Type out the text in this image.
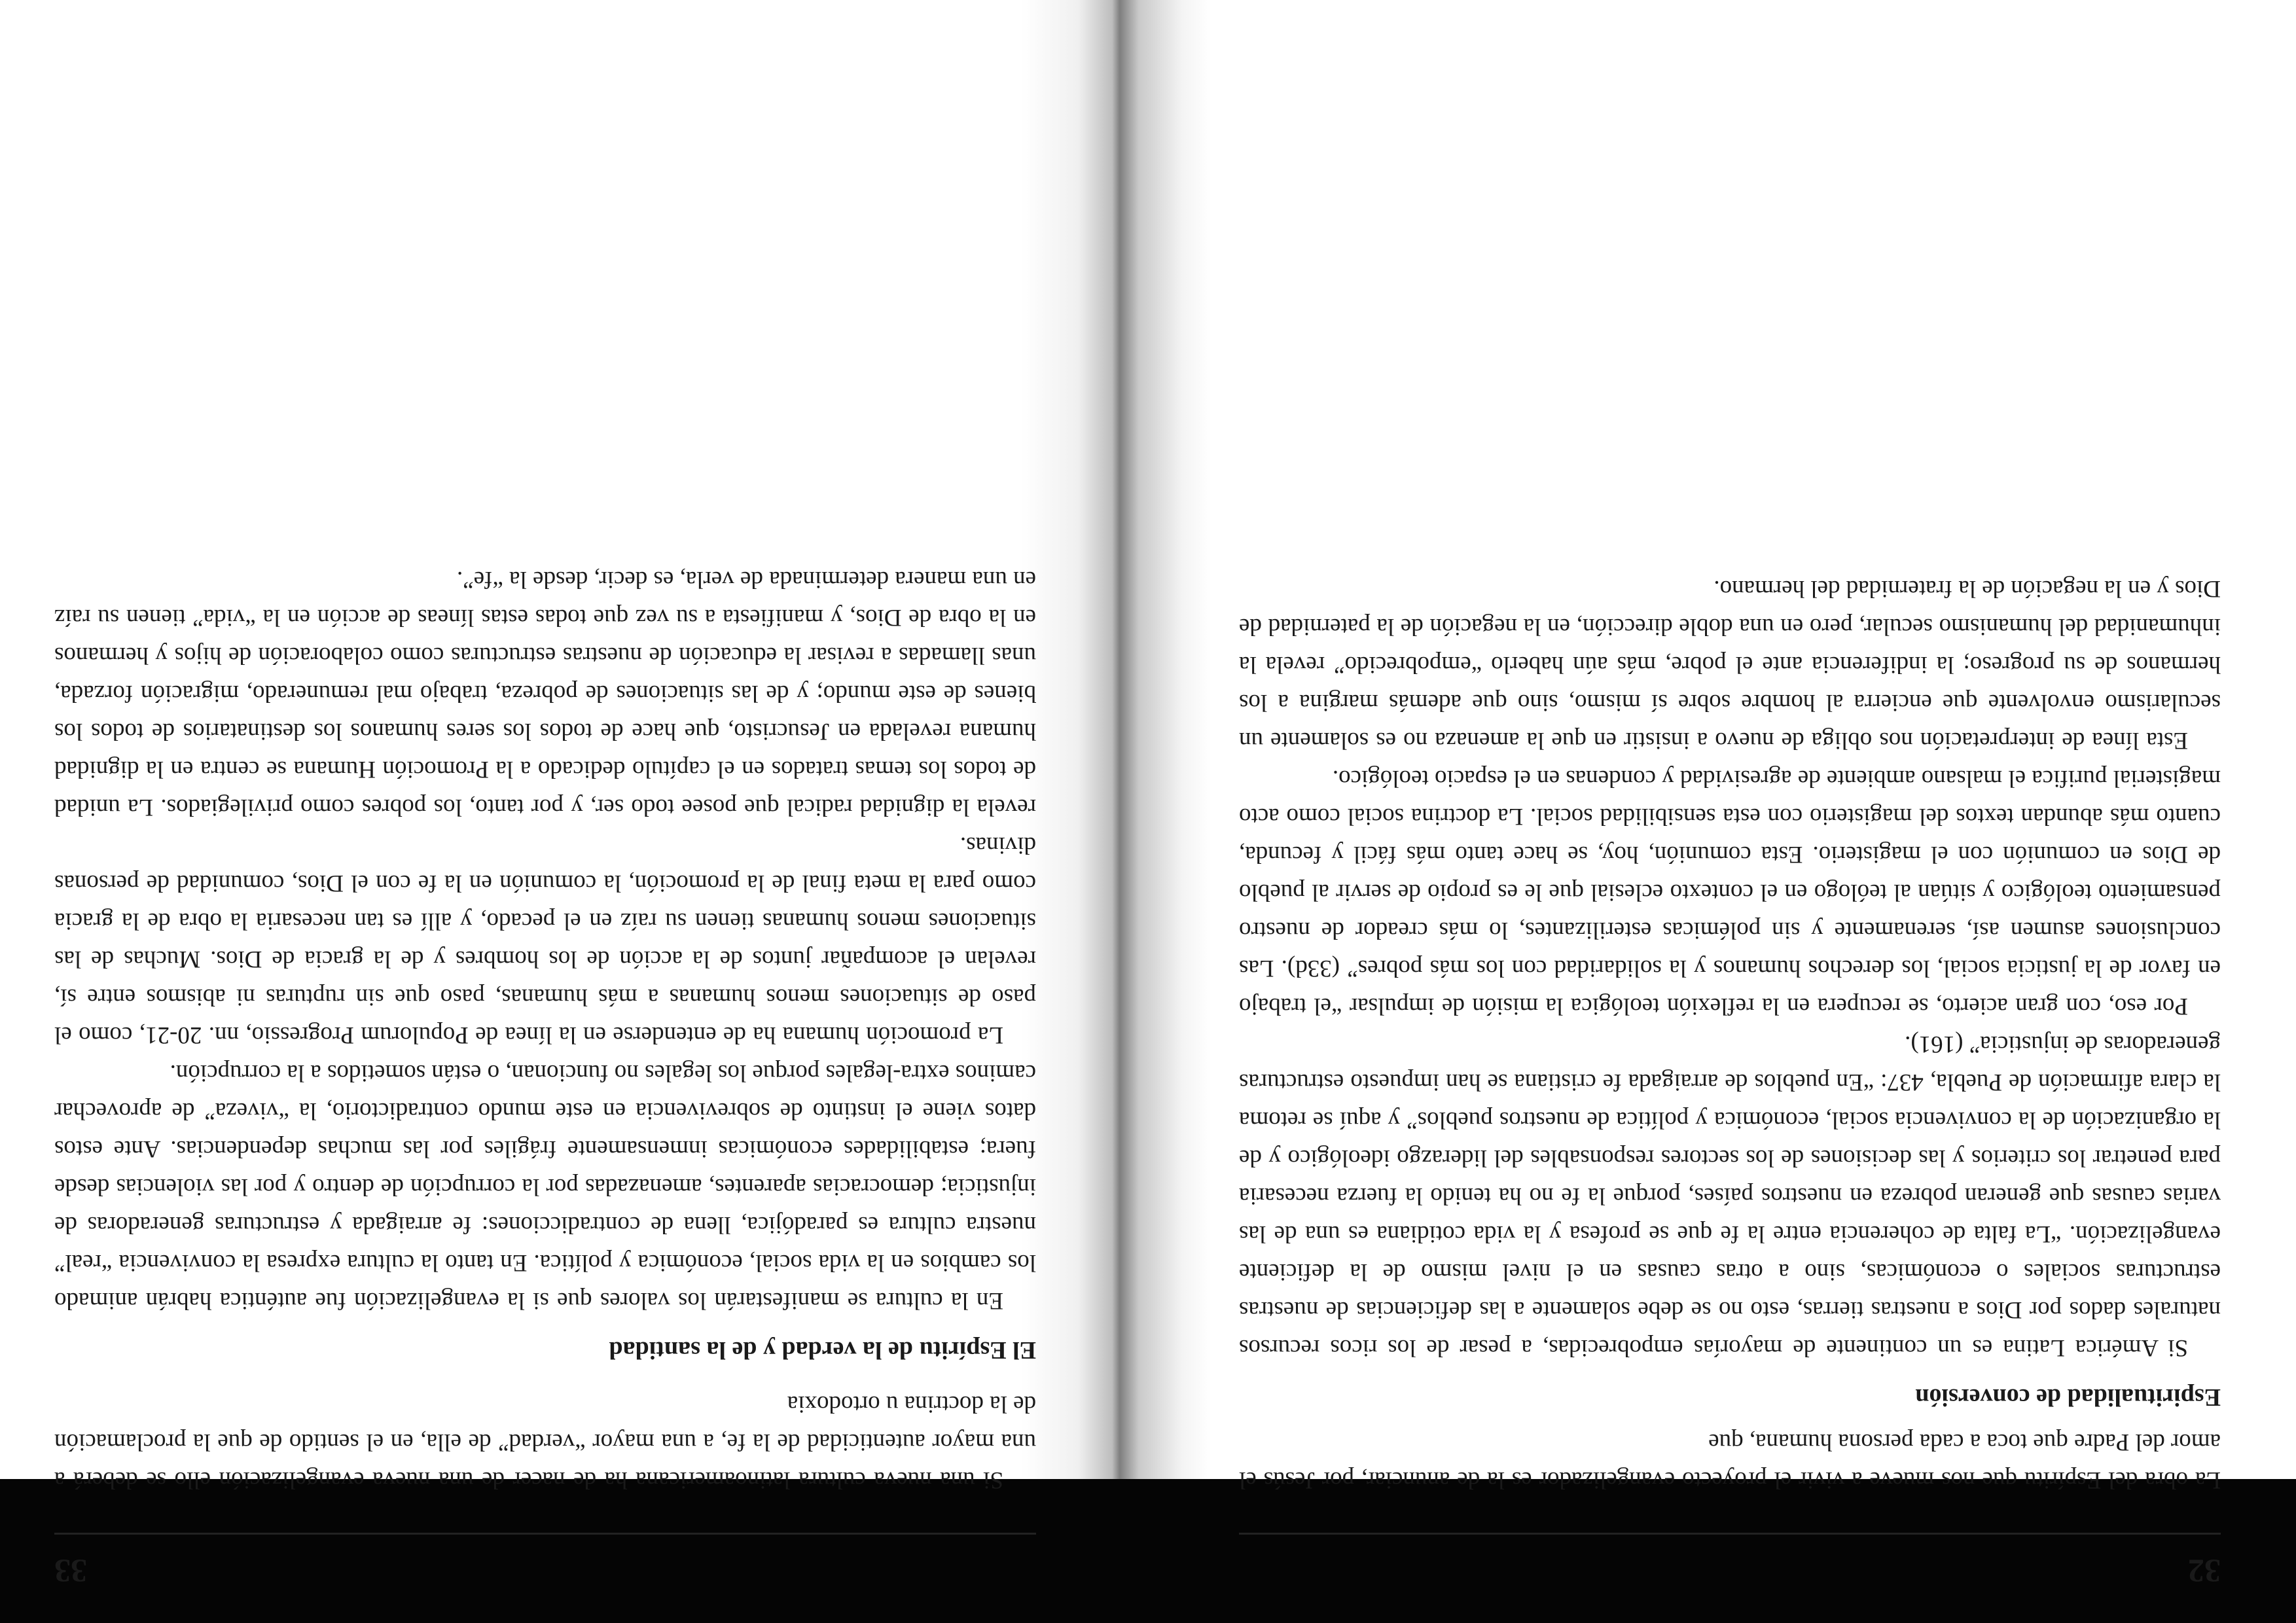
32

La obra del Espíritu que nos mueve a vivir el proyecto evangelizador es la de anunciar, por Jesús el amor del Padre que toca a cada persona humana, que

Espiritualidad de conversión

Si América Latina es un continente de mayorías empobrecidas, a pesar de los ricos recursos naturales dados por Dios a nuestras tierras, esto no se debe solamente a las deficiencias de nuestras estructuras sociales o económicas, sino a otras causas en el nivel mismo de la deficiente evangelización. “La falta de coherencia entre la fe que se profesa y la vida cotidiana es una de las varias causas que generan pobreza en nuestros países, porque la fe no ha tenido la fuerza necesaria para penetrar los criterios y las decisiones de los sectores responsables del liderazgo ideológico y de la organización de la convivencia social, económica y política de nuestros pueblos” y aquí se retoma la clara afirmación de Puebla, 437: “En pueblos de arraigada fe cristiana se han impuesto estructuras generadoras de injusticia” (161).

Por eso, con gran acierto, se recupera en la reflexión teológica la misión de impulsar “el trabajo en favor de la justicia social, los derechos humanos y la solidaridad con los más pobres” (33d). Las conclusiones asumen así, serenamente y sin polémicas esterilizantes, lo más creador de nuestro pensamiento teológico y sitúan al teólogo en el contexto eclesial que le es propio de servir al pueblo de Dios en comunión con el magisterio. Esta comunión, hoy, se hace tanto más fácil y fecunda, cuanto más abundan textos del magisterio con esta sensibilidad social. La doctrina social como acto magisterial purifica el malsano ambiente de agresividad y condenas en el espacio teológico.

Esta línea de interpretación nos obliga de nuevo a insistir en que la amenaza no es solamente un secularismo envolvente que encierra al hombre sobre sí mismo, sino que además margina a los hermanos de su progreso; la indiferencia ante el pobre, más aún haberlo “empobrecido” revela la inhumanidad del humanismo secular, pero en una doble dirección, en la negación de la paternidad de Dios y en la negación de la fraternidad del hermano.

33

Si una nueva cultura latinoamericana ha de nacer de una nueva evangelización ello se deberá a una mayor autenticidad de la fe, a una mayor “verdad” de ella, en el sentido de que la proclamación de la doctrina u ortodoxia

El Espíritu de la verdad y de la santidad

En la cultura se manifestarán los valores que si la evangelización fue auténtica habrán animado los cambios en la vida social, económica y política. En tanto la cultura expresa la convivencia “real” nuestra cultura es paradójica, llena de contradicciones: fe arraigada y estructuras generadoras de injusticia; democracias aparentes, amenazadas por la corrupción de dentro y por las violencias desde fuera; estabilidades económicas inmensamente frágiles por las muchas dependencias. Ante estos datos viene el instinto de sobrevivencia en este mundo contradictorio, la “viveza” de aprovechar caminos extra-legales porque los legales no funcionan, o están sometidos a la corrupción.

La promoción humana ha de entenderse en la línea de Populorum Progressio, nn. 20-21, como el paso de situaciones menos humanas a más humanas, paso que sin rupturas ni abismos entre sí, revelan el acompañar juntos de la acción de los hombres y de la gracia de Dios. Muchas de las situaciones menos humanas tienen su raíz en el pecado, y allí es tan necesaria la obra de la gracia como para la meta final de la promoción, la comunión en la fe con el Dios, comunidad de personas divinas.

revela la dignidad radical que posee todo ser, y por tanto, los pobres como privilegiados. La unidad de todos los temas tratados en el capítulo dedicado a la Promoción Humana se centra en la dignidad humana revelada en Jesucristo, que hace de todos los seres humanos los destinatarios de todos los bienes de este mundo; y de las situaciones de pobreza, trabajo mal remunerado, migración forzada, unas llamadas a revisar la educación de nuestras estructuras como colaboración de hijos y hermanos en la obra de Dios, y manifiesta a su vez que todas estas líneas de acción en la “vida” tienen su raíz en una manera determinada de verla, es decir, desde la “fe”.
